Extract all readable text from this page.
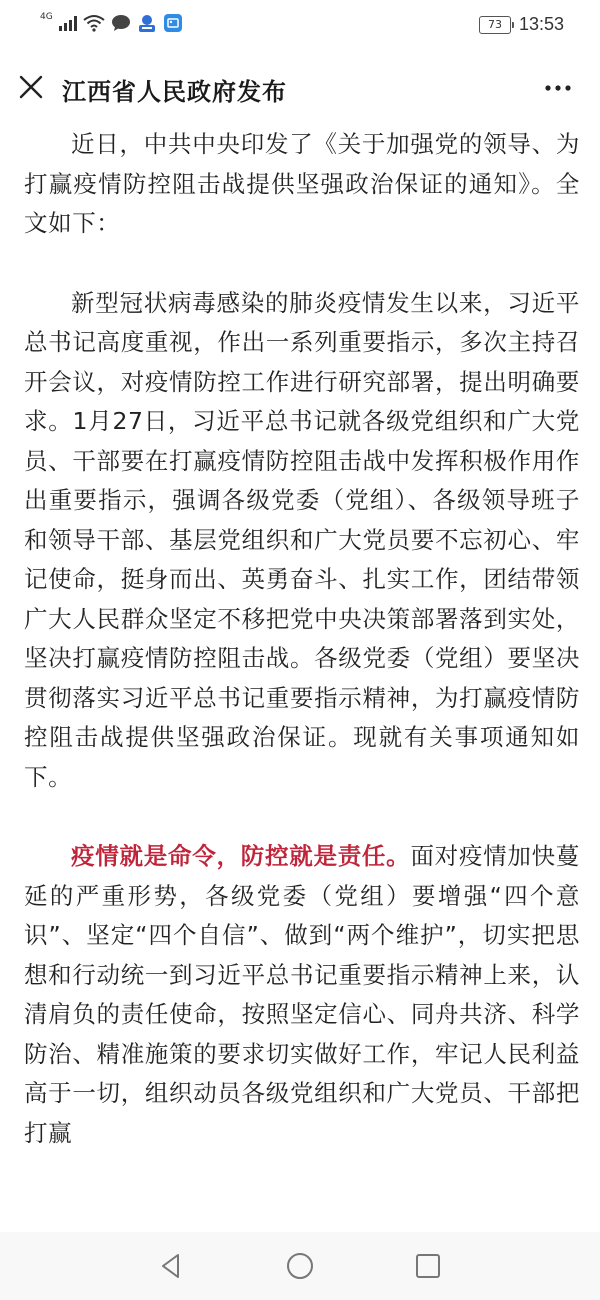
4G
73 13:53
江西省人民政府发布

近日，中共中央印发了《关于加强党的领导、为打赢疫情防控阻击战提供坚强政治保证的通知》。全文如下：

新型冠状病毒感染的肺炎疫情发生以来，习近平总书记高度重视，作出一系列重要指示，多次主持召开会议，对疫情防控工作进行研究部署，提出明确要求。1月27日，习近平总书记就各级党组织和广大党员、干部要在打赢疫情防控阻击战中发挥积极作用作出重要指示，强调各级党委（党组）、各级领导班子和领导干部、基层党组织和广大党员要不忘初心、牢记使命，挺身而出、英勇奋斗、扎实工作，团结带领广大人民群众坚定不移把党中央决策部署落到实处，坚决打赢疫情防控阻击战。各级党委（党组）要坚决贯彻落实习近平总书记重要指示精神，为打赢疫情防控阻击战提供坚强政治保证。现就有关事项通知如下。

疫情就是命令，防控就是责任。面对疫情加快蔓延的严重形势，各级党委（党组）要增强“四个意识”、坚定“四个自信”、做到“两个维护”，切实把思想和行动统一到习近平总书记重要指示精神上来，认清肩负的责任使命，按照坚定信心、同舟共济、科学防治、精准施策的要求切实做好工作，牢记人民利益高于一切，组织动员各级党组织和广大党员、干部把打赢
